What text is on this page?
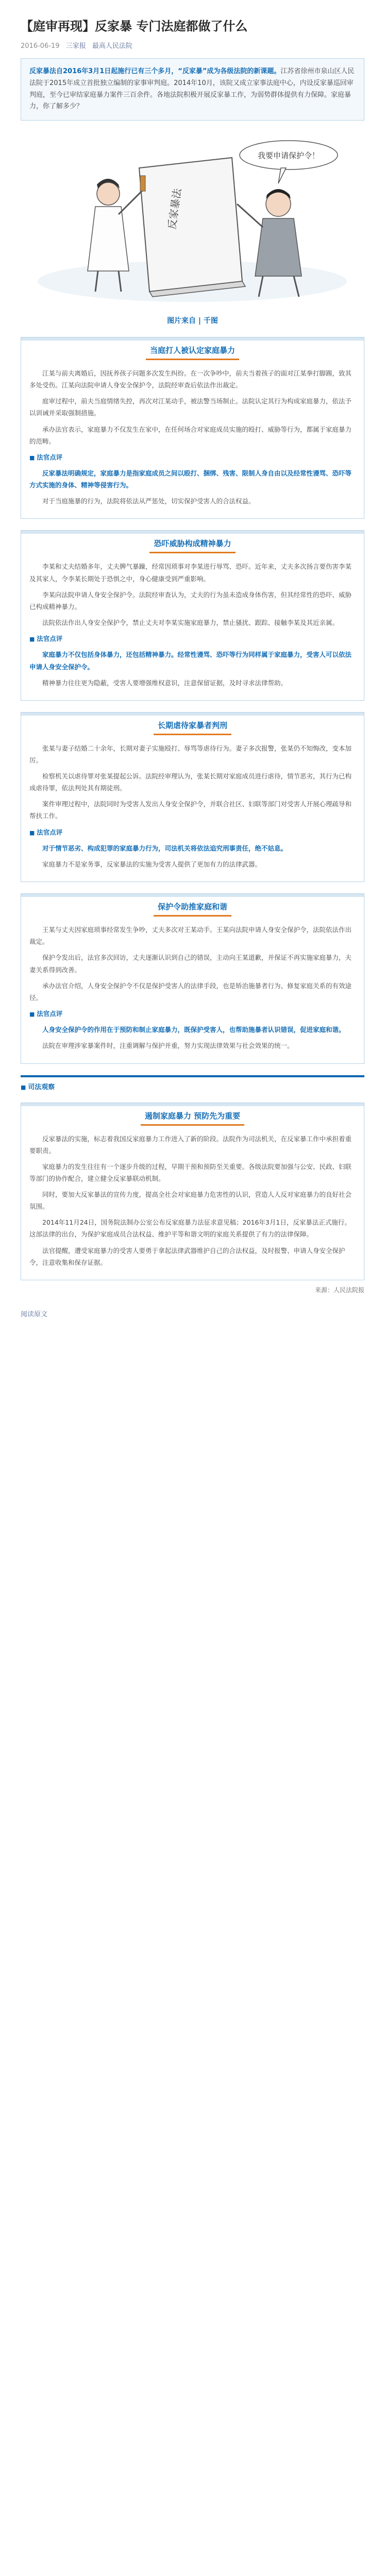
【庭审再现】反家暴 专门法庭都做了什么
2016-06-19 三家报 最高人民法院

反家暴法自2016年3月1日起施行已有三个多月，“反家暴”成为各级法院的新课题。江苏省徐州市泉山区人民法院于2015年成立首批独立编制的家事审判庭。2014年10月，该院又成立家事法庭中心，内设反家暴巡回审判庭，至今已审结家庭暴力案件三百余件。各地法院积极开展反家暴工作，为弱势群体提供有力保障。家庭暴力，你了解多少？

反家暴法
我要申请保护令！
图片来自 | 千图
当庭打人被认定家庭暴力

江某与前夫离婚后，因抚养孩子问题多次发生纠纷。在一次争吵中，前夫当着孩子的面对江某拳打脚踢，致其多处受伤。江某向法院申请人身安全保护令，法院经审查后依法作出裁定。

庭审过程中，前夫当庭情绪失控，再次对江某动手，被法警当场制止。法院认定其行为构成家庭暴力，依法予以训诫并采取强制措施。

承办法官表示，家庭暴力不仅发生在家中，在任何场合对家庭成员实施的殴打、威胁等行为，都属于家庭暴力的范畴。

■ 法官点评

反家暴法明确规定，家庭暴力是指家庭成员之间以殴打、捆绑、残害、限制人身自由以及经常性谩骂、恐吓等方式实施的身体、精神等侵害行为。

对于当庭施暴的行为，法院将依法从严惩处，切实保护受害人的合法权益。

恐吓威胁构成精神暴力

李某和丈夫结婚多年，丈夫脾气暴躁，经常因琐事对李某进行辱骂、恐吓。近年来，丈夫多次扬言要伤害李某及其家人，令李某长期处于恐惧之中，身心健康受到严重影响。

李某向法院申请人身安全保护令。法院经审查认为，丈夫的行为虽未造成身体伤害，但其经常性的恐吓、威胁已构成精神暴力。

法院依法作出人身安全保护令，禁止丈夫对李某实施家庭暴力，禁止骚扰、跟踪、接触李某及其近亲属。

■ 法官点评

家庭暴力不仅包括身体暴力，还包括精神暴力。经常性谩骂、恐吓等行为同样属于家庭暴力，受害人可以依法申请人身安全保护令。

精神暴力往往更为隐蔽，受害人要增强维权意识，注意保留证据，及时寻求法律帮助。

长期虐待家暴者判刑

张某与妻子结婚二十余年，长期对妻子实施殴打、辱骂等虐待行为。妻子多次报警，张某仍不知悔改，变本加厉。

检察机关以虐待罪对张某提起公诉。法院经审理认为，张某长期对家庭成员进行虐待，情节恶劣，其行为已构成虐待罪，依法判处其有期徒刑。

案件审理过程中，法院同时为受害人发出人身安全保护令，并联合社区、妇联等部门对受害人开展心理疏导和帮扶工作。

■ 法官点评

对于情节恶劣、构成犯罪的家庭暴力行为，司法机关将依法追究刑事责任，绝不姑息。

家庭暴力不是家务事，反家暴法的实施为受害人提供了更加有力的法律武器。

保护令助推家庭和谐

王某与丈夫因家庭琐事经常发生争吵，丈夫多次对王某动手。王某向法院申请人身安全保护令，法院依法作出裁定。

保护令发出后，法官多次回访，丈夫逐渐认识到自己的错误，主动向王某道歉，并保证不再实施家庭暴力，夫妻关系得到改善。

承办法官介绍，人身安全保护令不仅是保护受害人的法律手段，也是矫治施暴者行为、修复家庭关系的有效途径。

■ 法官点评

人身安全保护令的作用在于预防和制止家庭暴力，既保护受害人，也帮助施暴者认识错误，促进家庭和谐。

法院在审理涉家暴案件时，注重调解与保护并重，努力实现法律效果与社会效果的统一。

■ 司法观察
遏制家庭暴力 预防先为重要

反家暴法的实施，标志着我国反家庭暴力工作进入了新的阶段。法院作为司法机关，在反家暴工作中承担着重要职责。

家庭暴力的发生往往有一个逐步升级的过程，早期干预和预防至关重要。各级法院要加强与公安、民政、妇联等部门的协作配合，建立健全反家暴联动机制。

同时，要加大反家暴法的宣传力度，提高全社会对家庭暴力危害性的认识，营造人人反对家庭暴力的良好社会氛围。

2014年11月24日，国务院法制办公室公布反家庭暴力法征求意见稿；2016年3月1日，反家暴法正式施行。这部法律的出台，为保护家庭成员合法权益、维护平等和谐文明的家庭关系提供了有力的法律保障。

法官提醒，遭受家庭暴力的受害人要勇于拿起法律武器维护自己的合法权益，及时报警、申请人身安全保护令，注意收集和保存证据。

来源：人民法院报
阅读原文
